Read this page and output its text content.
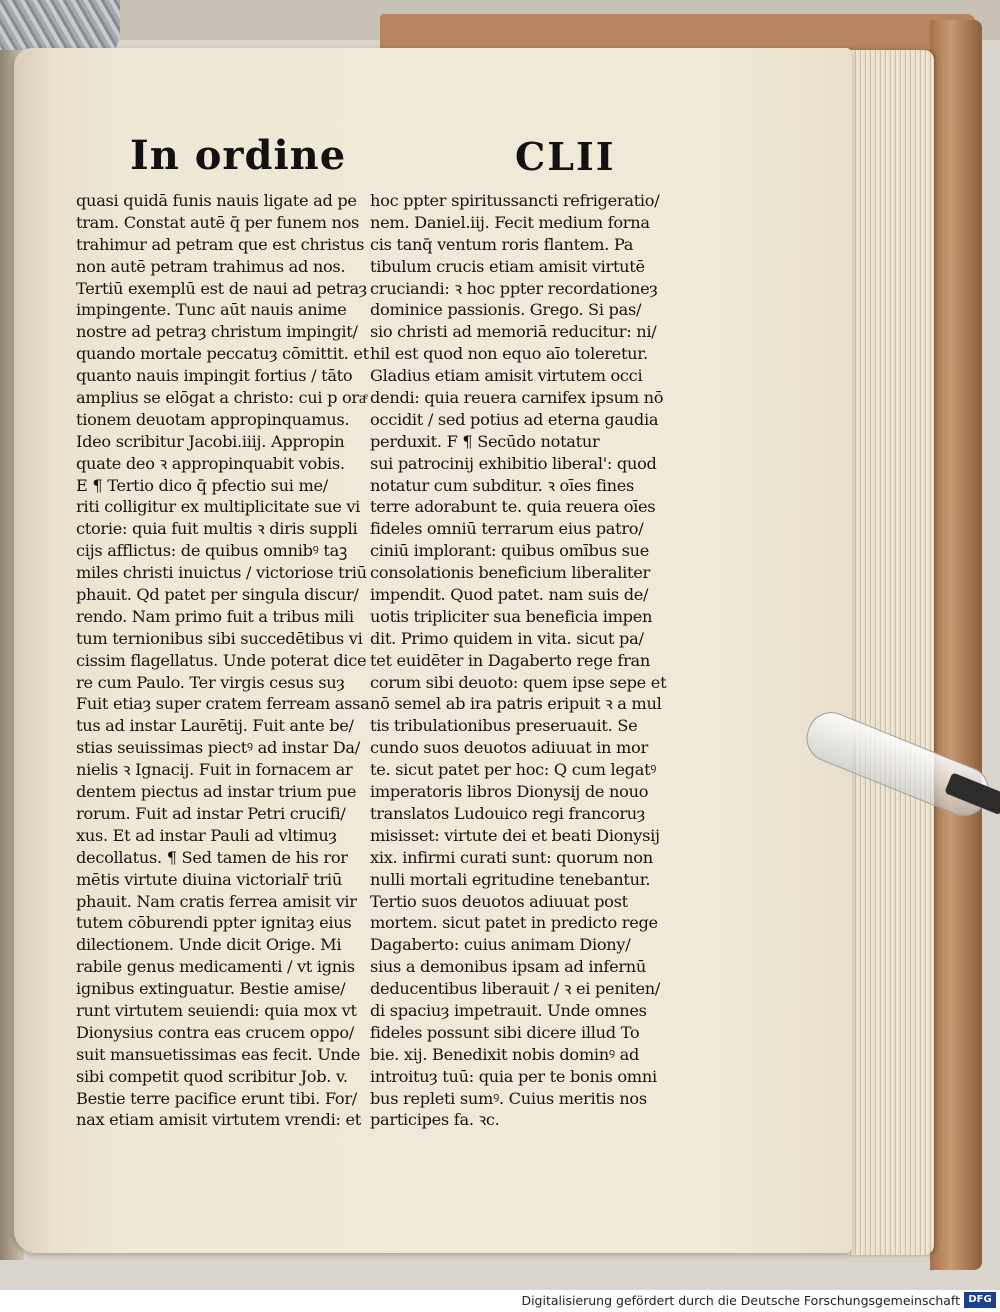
In ordine	CLII
quasi quidā funis nauis ligate ad pe
tram. Constat autē q̄ per funem nos
trahimur ad petram que est christus
non autē petram trahimus ad nos.
Tertiū exemplū est de naui ad petraȝ
impingente. Tunc aūt nauis anime
nostre ad petraȝ christum impingit/
quando mortale peccatuȝ cōmittit. et
quanto nauis impingit fortius / tāto
amplius se elōgat a christo: cui p oraͤ
tionem deuotam appropinquamus.
Ideo scribitur Jacobi.iiij. Appropin
quate deo ꝛ appropinquabit vobis.
E ¶ Tertio dico q̄ pfectio sui me/
riti colligitur ex multiplicitate sue vi
ctorie: quia fuit multis ꝛ diris suppli
cijs afflictus: de quibus omnibꝰ taꝫ
miles christi inuictus / victoriose triū
phauit. Qd patet per singula discur/
rendo. Nam primo fuit a tribus mili
tum ternionibus sibi succedētibus vi
cissim flagellatus. Unde poterat dice
re cum Paulo. Ter virgis cesus suȝ
Fuit etiaȝ super cratem ferream assa
tus ad instar Laurētij. Fuit ante be/
stias seuissimas piectꝰ ad instar Da/
nielis ꝛ Ignacij. Fuit in fornacem ar
dentem piectus ad instar trium pue
rorum. Fuit ad instar Petri crucifi/
xus. Et ad instar Pauli ad vltimuȝ
decollatus. ¶ Sed tamen de his ror
mētis virtute diuina victorialr̄ triū
phauit. Nam cratis ferrea amisit vir
tutem cōburendi ppter ignitaȝ eius
dilectionem. Unde dicit Orige. Mi
rabile genus medicamenti / vt ignis
ignibus extinguatur. Bestie amise/
runt virtutem seuiendi: quia mox vt
Dionysius contra eas crucem oppo/
suit mansuetissimas eas fecit. Unde
sibi competit quod scribitur Job. v.
Bestie terre pacifice erunt tibi. For/
nax etiam amisit virtutem vrendi: et
hoc ppter spiritussancti refrigeratio/
nem. Daniel.iij. Fecit medium forna
cis tanq̄ ventum roris flantem. Pa
tibulum crucis etiam amisit virtutē
cruciandi: ꝛ hoc ppter recordationeȝ
dominice passionis. Grego. Si pas/
sio christi ad memoriā reducitur: ni/
hil est quod non equo aīo toleretur.
Gladius etiam amisit virtutem occi
dendi: quia reuera carnifex ipsum nō
occidit / sed potius ad eterna gaudia
perduxit. F ¶ Secūdo notatur
sui patrocinij exhibitio liberal': quod
notatur cum subditur. ꝛ oīes fines
terre adorabunt te. quia reuera oīes
fideles omniū terrarum eius patro/
ciniū implorant: quibus omībus sue
consolationis beneficium liberaliter
impendit. Quod patet. nam suis de/
uotis tripliciter sua beneficia impen
dit. Primo quidem in vita. sicut pa/
tet euidēter in Dagaberto rege fran
corum sibi deuoto: quem ipse sepe et
nō semel ab ira patris eripuit ꝛ a mul
tis tribulationibus preseruauit. Se
cundo suos deuotos adiuuat in mor
te. sicut patet per hoc: Q cum legatꝰ
imperatoris libros Dionysij de nouo
translatos Ludouico regi francoruȝ
misisset: virtute dei et beati Dionysij
xix. infirmi curati sunt: quorum non
nulli mortali egritudine tenebantur.
Tertio suos deuotos adiuuat post
mortem. sicut patet in predicto rege
Dagaberto: cuius animam Diony/
sius a demonibus ipsam ad infernū
deducentibus liberauit / ꝛ ei peniten/
di spaciuȝ impetrauit. Unde omnes
fideles possunt sibi dicere illud To
bie. xij. Benedixit nobis dominꝰ ad
introituȝ tuū: quia per te bonis omni
bus repleti sumꝰ. Cuius meritis nos
participes fa. ꝛc.
Digitalisierung gefördert durch die Deutsche Forschungsgemeinschaft DFG
